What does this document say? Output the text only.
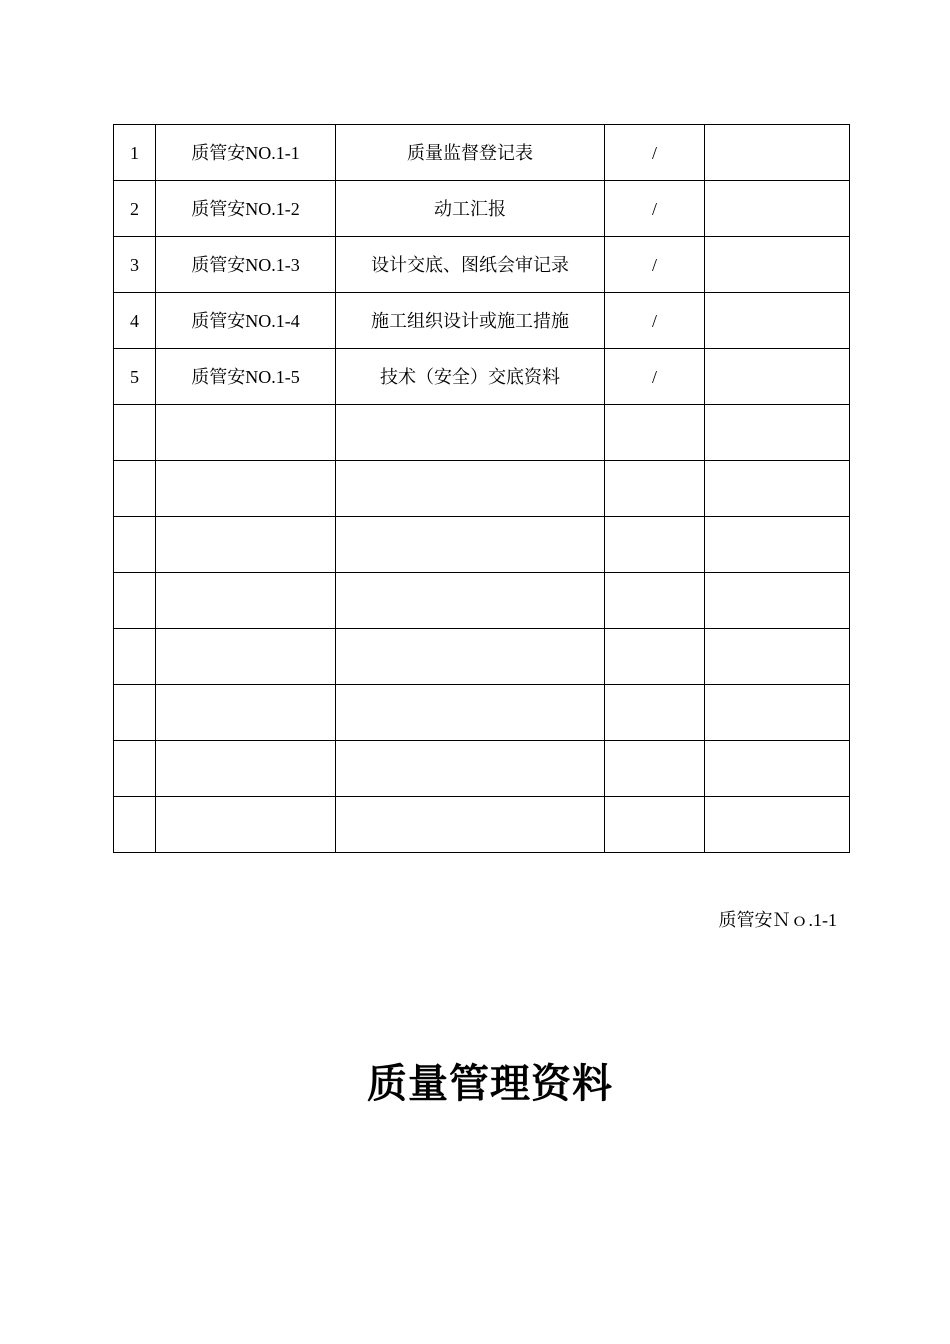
1	质管安NO.1-1	质量监督登记表	/	
2	质管安NO.1-2	动工汇报	/	
3	质管安NO.1-3	设计交底、图纸会审记录	/	
4	质管安NO.1-4	施工组织设计或施工措施	/	
5	质管安NO.1-5	技术（安全）交底资料	/	

质管安Ｎｏ.1-1
质量管理资料
